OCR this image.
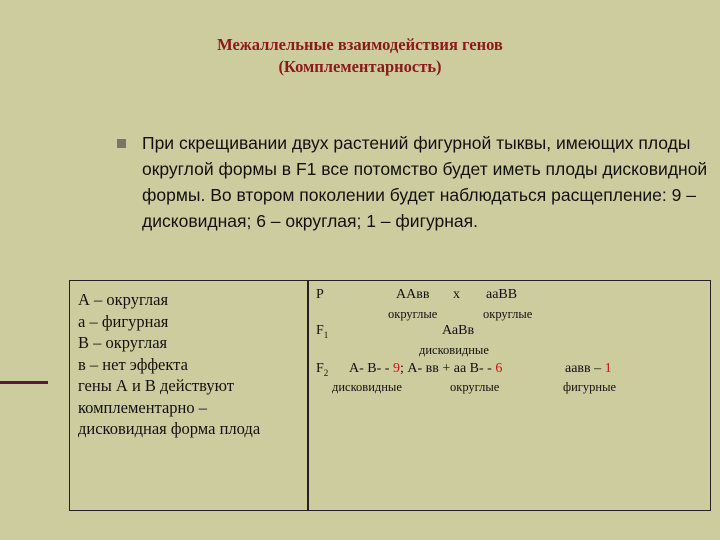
Межаллельные взаимодействия генов
(Комплементарность)
При скрещивании двух растений фигурной тыквы, имеющих плоды округлой формы в F1 все потомство будет иметь плоды дисковидной формы. Во втором поколении будет наблюдаться расщепление: 9 – дисковидная; 6 – округлая; 1 – фигурная.
А – округлая
а – фигурная
В – округлая
в – нет эффекта
гены А и В действуют
комплементарно –
дисковидная форма плода
P	ААвв х ааВВ
округлые	округлые
$F_1$	АаВв
дисковидные
$F_2$ А- В- - 9; А- вв + аа В- - 6	аавв – 1
дисковидные	округлые	фигурные
